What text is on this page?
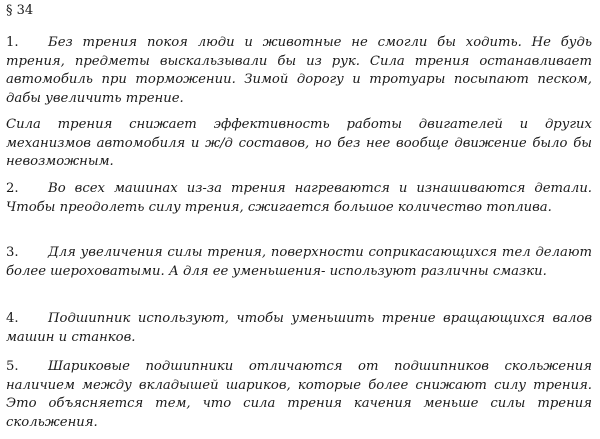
§ 34
1. Без трения покоя люди и животные не смогли бы ходить. Не будь трения, предметы выскальзывали бы из рук. Сила трения останавливает автомобиль при торможении. Зимой дорогу и тротуары посыпают песком, дабы увеличить трение.
Сила трения снижает эффективность работы двигателей и других механизмов автомобиля и ж/д составов, но без нее вообще движение было бы невозможным.
2. Во всех машинах из-за трения нагреваются и изнашиваются детали. Чтобы преодолеть силу трения, сжигается большое количество топлива.
3. Для увеличения силы трения, поверхности соприкасающихся тел делают более шероховатыми. А для ее уменьшения- используют различны смазки.
4. Подшипник используют, чтобы уменьшить трение вращающихся валов машин и станков.
5. Шариковые подшипники отличаются от подшипников скольжения наличием между вкладышей шариков, которые более снижают силу трения. Это объясняется тем, что сила трения качения меньше силы трения скольжения.
